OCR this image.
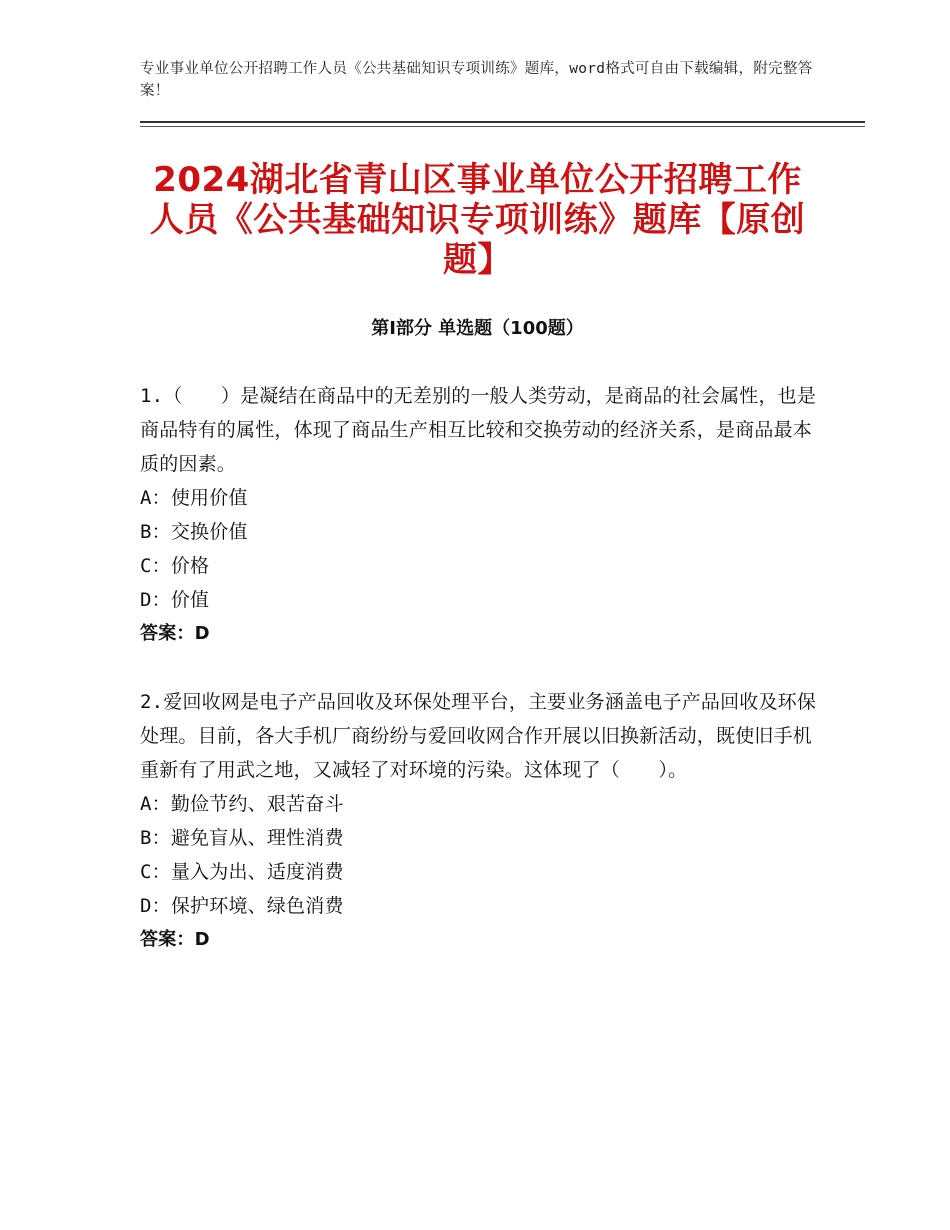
专业事业单位公开招聘工作人员《公共基础知识专项训练》题库，word格式可自由下载编辑，附完整答案！
2024湖北省青山区事业单位公开招聘工作人员《公共基础知识专项训练》题库【原创题】
第Ⅰ部分 单选题（100题）

1.（　　）是凝结在商品中的无差别的一般人类劳动，是商品的社会属性，也是商品特有的属性，体现了商品生产相互比较和交换劳动的经济关系，是商品最本质的因素。

A：使用价值

B：交换价值

C：价格

D：价值

答案：D

2.爱回收网是电子产品回收及环保处理平台，主要业务涵盖电子产品回收及环保处理。目前，各大手机厂商纷纷与爱回收网合作开展以旧换新活动，既使旧手机重新有了用武之地，又减轻了对环境的污染。这体现了（　　）。

A：勤俭节约、艰苦奋斗

B：避免盲从、理性消费

C：量入为出、适度消费

D：保护环境、绿色消费

答案：D
